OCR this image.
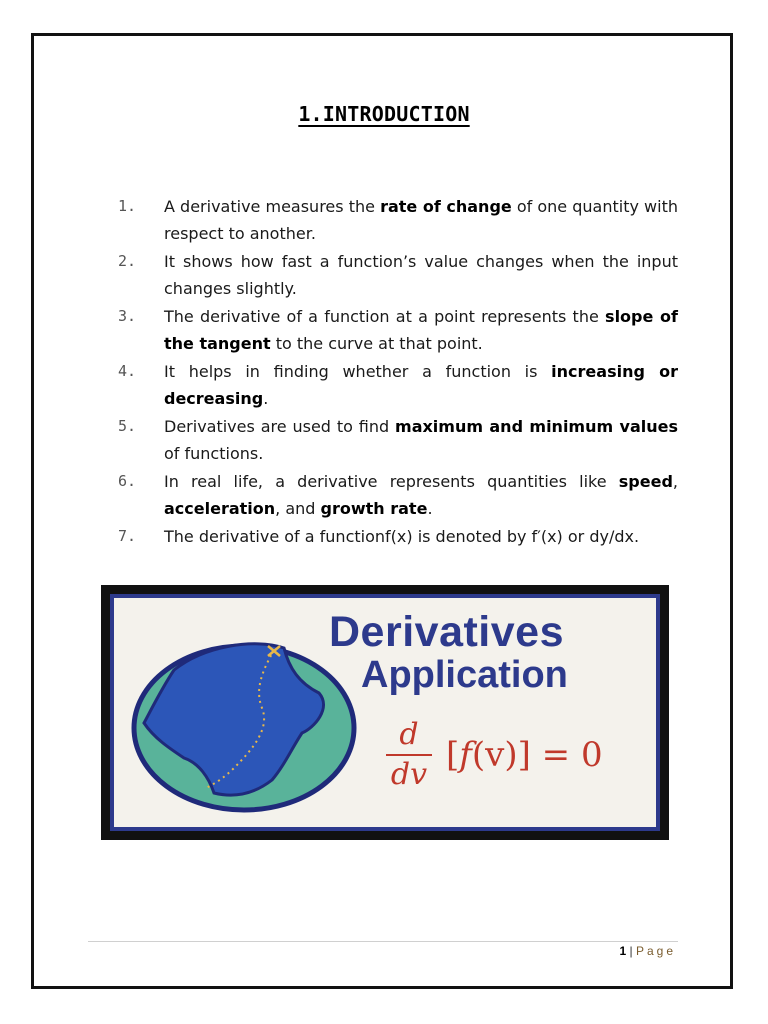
1.INTRODUCTION
1.	A derivative measures the rate of change of one quantity with respect to another.
2.	It shows how fast a function’s value changes when the input changes slightly.
3.	The derivative of a function at a point represents the slope of the tangent to the curve at that point.
4.	It helps in finding whether a function is increasing or decreasing.
5.	Derivatives are used to find maximum and minimum values of functions.
6.	In real life, a derivative represents quantities like speed, acceleration, and growth rate.
7.	The derivative of a functionf(x) is denoted by f′(x) or dy/dx.
Derivatives
Application
$\frac{d}{dv} [f(v)] = 0$
1 | Page
